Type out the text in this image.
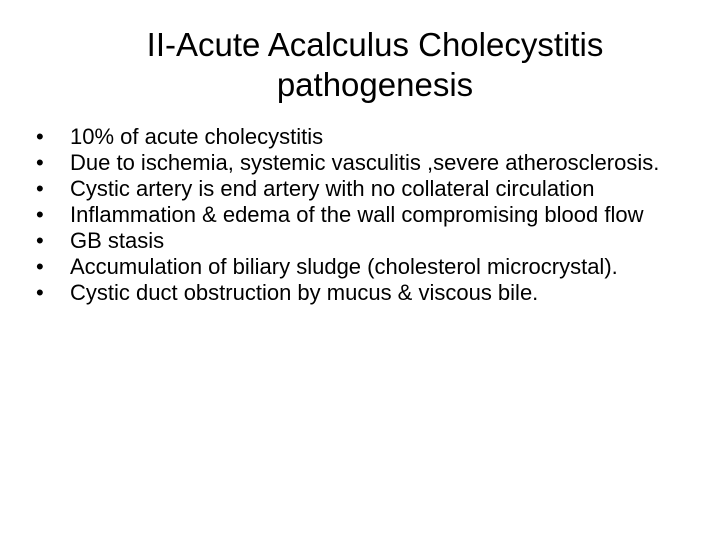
II-Acute Acalculus Cholecystitis
pathogenesis
•	10% of acute cholecystitis
•	Due to ischemia, systemic vasculitis ,severe atherosclerosis.
•	Cystic artery is end artery with no collateral circulation
•	Inflammation & edema of the wall compromising blood flow
•	GB stasis
•	Accumulation of biliary sludge (cholesterol microcrystal).
•	Cystic duct obstruction by mucus & viscous bile.
